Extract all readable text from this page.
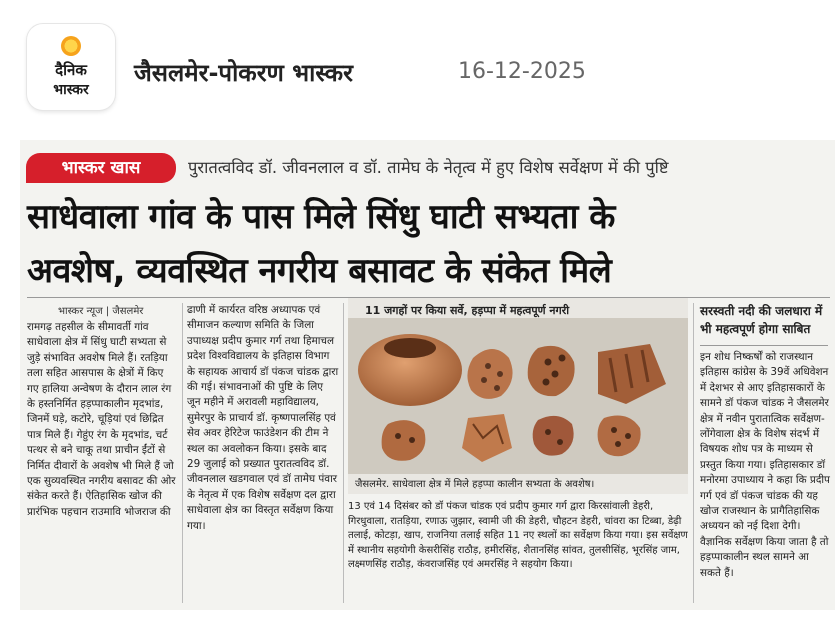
दैनिक
भास्कर
जैसलमेर-पोकरण भास्कर	16-12-2025
भास्कर खास	पुरातत्वविद डॉ. जीवनलाल व डॉ. तामेघ के नेतृत्व में हुए विशेष सर्वेक्षण में की पुष्टि
साधेवाला गांव के पास मिले सिंधु घाटी सभ्यता के
अवशेष, व्यवस्थित नगरीय बसावट के संकेत मिले
भास्कर न्यूज | जैसलमेर
रामगढ़ तहसील के सीमावर्ती गांव साधेवाला क्षेत्र में सिंधु घाटी सभ्यता से जुड़े संभावित अवशेष मिले हैं। रतड़िया तला सहित आसपास के क्षेत्रों में किए गए हालिया अन्वेषण के दौरान लाल रंग के हस्तनिर्मित हड़प्पाकालीन मृदभांड, जिनमें घड़े, कटोरे, चूड़ियां एवं छिद्रित पात्र मिले हैं। गेहुंए रंग के मृदभांड, चर्ट पत्थर से बने चाकू तथा प्राचीन ईंटों से निर्मित दीवारों के अवशेष भी मिले हैं जो एक सुव्यवस्थित नगरीय बसावट की ओर संकेत करते हैं। ऐतिहासिक खोज की प्रारंभिक पहचान राउमावि भोजराज की
ढाणी में कार्यरत वरिष्ठ अध्यापक एवं सीमाजन कल्याण समिति के जिला उपाध्यक्ष प्रदीप कुमार गर्ग तथा हिमाचल प्रदेश विश्वविद्यालय के इतिहास विभाग के सहायक आचार्य डॉ पंकज चांडक द्वारा की गई। संभावनाओं की पुष्टि के लिए जून महीने में अरावली महाविद्यालय, सुमेरपुर के प्राचार्य डॉ. कृष्णपालसिंह एवं सेव अवर हेरिटेज फाउंडेशन की टीम ने स्थल का अवलोकन किया। इसके बाद 29 जुलाई को प्रख्यात पुरातत्वविद डॉ. जीवनलाल खडगवाल एवं डॉ तामेघ पंवार के नेतृत्व में एक विशेष सर्वेक्षण दल द्वारा साधेवाला क्षेत्र का विस्तृत सर्वेक्षण किया गया।
11 जगहों पर किया सर्वे, हड़प्पा में महत्वपूर्ण नगरी
जैसलमेर. साधेवाला क्षेत्र में मिले हड़प्पा कालीन सभ्यता के अवशेष।
13 एवं 14 दिसंबर को डॉ पंकज चांडक एवं प्रदीप कुमार गर्ग द्वारा किरसांवाली डेहरी, गिरधुवाला, रातड़िया, रणाऊ जुझार, स्वामी जी की डेहरी, चौहटन डेहरी, चांवरा का टिब्बा, डेढ़ी तलाई, कोटड़ा, खाप, राजनिया तलाई सहित 11 नए स्थलों का सर्वेक्षण किया गया। इस सर्वेक्षण में स्थानीय सहयोगी केसरीसिंह राठौड़, हमीरसिंह, शैतानसिंह सांवत, तुलसीसिंह, भूरसिंह जाम, लक्ष्मणसिंह राठौड़, कंवराजसिंह एवं अमरसिंह ने सहयोग किया।
सरस्वती नदी की जलधारा में भी महत्वपूर्ण होगा साबित
इन शोध निष्कर्षों को राजस्थान इतिहास कांग्रेस के 39वें अधिवेशन में देशभर से आए इतिहासकारों के सामने डॉ पंकज चांडक ने जैसलमेर क्षेत्र में नवीन पुरातात्विक सर्वेक्षण-लोंगेवाला क्षेत्र के विशेष संदर्भ में विषयक शोध पत्र के माध्यम से प्रस्तुत किया गया। इतिहासकार डॉ मनोरमा उपाध्याय ने कहा कि प्रदीप गर्ग एवं डॉ पंकज चांडक की यह खोज राजस्थान के प्रागैतिहासिक अध्ययन को नई दिशा देगी। वैज्ञानिक सर्वेक्षण किया जाता है तो हड़प्पाकालीन स्थल सामने आ सकते हैं।
